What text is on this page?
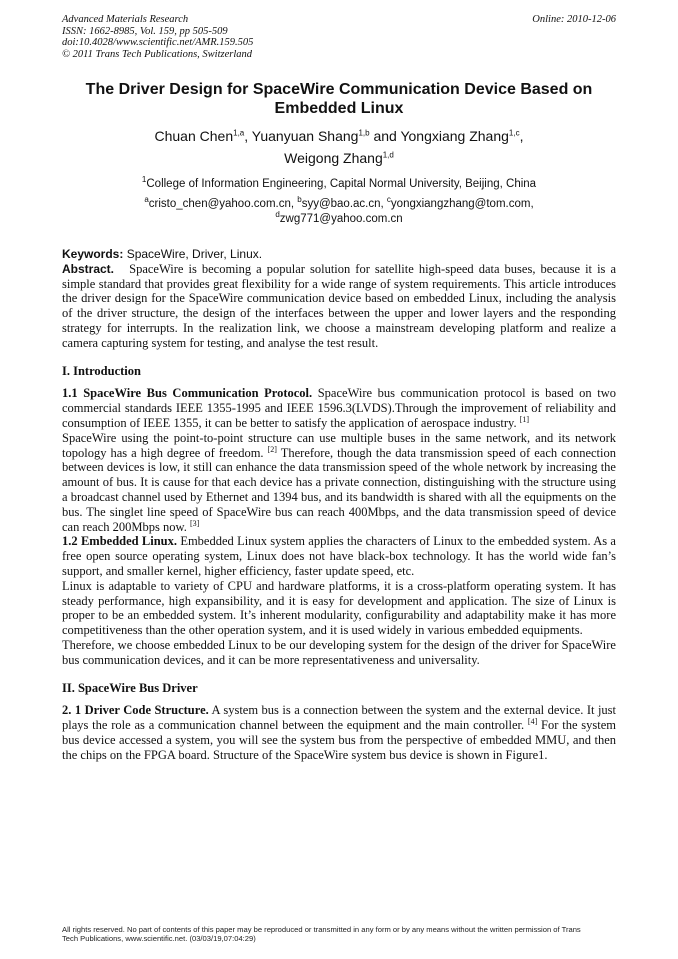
Advanced Materials Research
ISSN: 1662-8985, Vol. 159, pp 505-509
doi:10.4028/www.scientific.net/AMR.159.505
© 2011 Trans Tech Publications, Switzerland
Online: 2010-12-06
The Driver Design for SpaceWire Communication Device Based on
Embedded Linux
Chuan Chen$^{1,a}$, Yuanyuan Shang$^{1,b}$ and Yongxiang Zhang$^{1,c}$,
Weigong Zhang$^{1,d}$
$^1$College of Information Engineering, Capital Normal University, Beijing, China
$^a$cristo_chen@yahoo.com.cn, $^b$syy@bao.ac.cn, $^c$yongxiangzhang@tom.com,
$^d$zwg771@yahoo.com.cn

Keywords: SpaceWire, Driver, Linux.

Abstract. SpaceWire is becoming a popular solution for satellite high-speed data buses, because it is a simple standard that provides great flexibility for a wide range of system requirements. This article introduces the driver design for the SpaceWire communication device based on embedded Linux, including the analysis of the driver structure, the design of the interfaces between the upper and lower layers and the responding strategy for interrupts. In the realization link, we choose a mainstream developing platform and realize a camera capturing system for testing, and analyse the test result.

I. Introduction

1.1 SpaceWire Bus Communication Protocol. SpaceWire bus communication protocol is based on two commercial standards IEEE 1355-1995 and IEEE 1596.3(LVDS).Through the improvement of reliability and consumption of IEEE 1355, it can be better to satisfy the application of aerospace industry. [1]

SpaceWire using the point-to-point structure can use multiple buses in the same network, and its network topology has a high degree of freedom. [2] Therefore, though the data transmission speed of each connection between devices is low, it still can enhance the data transmission speed of the whole network by increasing the amount of bus. It is cause for that each device has a private connection, distinguishing with the structure using a broadcast channel used by Ethernet and 1394 bus, and its bandwidth is shared with all the equipments on the bus. The singlet line speed of SpaceWire bus can reach 400Mbps, and the data transmission speed of device can reach 200Mbps now. [3]

1.2 Embedded Linux. Embedded Linux system applies the characters of Linux to the embedded system. As a free open source operating system, Linux does not have black-box technology. It has the world wide fan’s support, and smaller kernel, higher efficiency, faster update speed, etc.

Linux is adaptable to variety of CPU and hardware platforms, it is a cross-platform operating system. It has steady performance, high expansibility, and it is easy for development and application. The size of Linux is proper to be an embedded system. It’s inherent modularity, configurability and adaptability make it has more competitiveness than the other operation system, and it is used widely in various embedded equipments.

Therefore, we choose embedded Linux to be our developing system for the design of the driver for SpaceWire bus communication devices, and it can be more representativeness and universality.

II. SpaceWire Bus Driver

2. 1 Driver Code Structure. A system bus is a connection between the system and the external device. It just plays the role as a communication channel between the equipment and the main controller. [4] For the system bus device accessed a system, you will see the system bus from the perspective of embedded MMU, and then the chips on the FPGA board. Structure of the SpaceWire system bus device is shown in Figure1.

All rights reserved. No part of contents of this paper may be reproduced or transmitted in any form or by any means without the written permission of Trans
Tech Publications, www.scientific.net. (03/03/19,07:04:29)
